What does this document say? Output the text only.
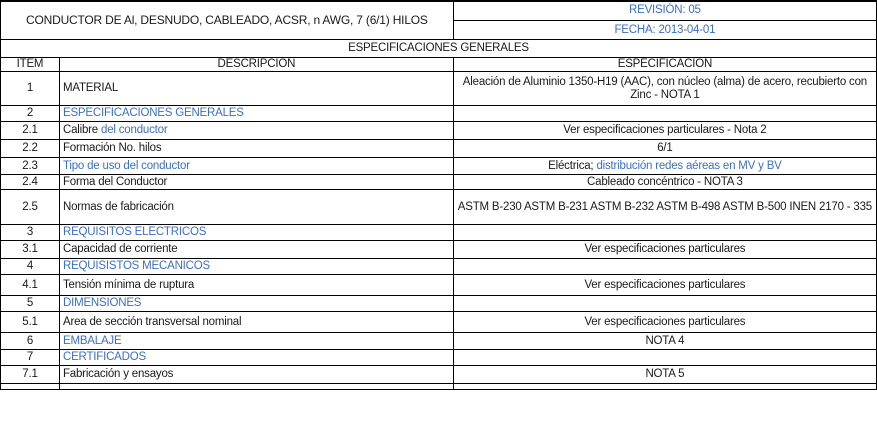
CONDUCTOR DE Al, DESNUDO, CABLEADO, ACSR, n AWG, 7 (6/1) HILOS		REVISIÓN: 05
		FECHA: 2013-04-01
ESPECIFICACIONES GENERALES		
ITEM	DESCRIPCIÓN	ESPECIFICACIÓN
1	MATERIAL	Aleación de Aluminio 1350-H19 (AAC), con núcleo (alma) de acero, recubierto con Zinc - NOTA 1
2	ESPECIFICACIONES GENERALES	
2.1	Calibre del conductor	Ver especificaciones particulares - Nota 2
2.2	Formación No. hilos	6/1
2.3	Tipo de uso del conductor	Eléctrica; distribución redes aéreas en MV y BV
2.4	Forma del Conductor	Cableado concéntrico - NOTA 3
2.5	Normas de fabricación	ASTM B-230 ASTM B-231 ASTM B-232 ASTM B-498 ASTM B-500 INEN 2170 - 335
3	REQUISITOS ELECTRICOS	
3.1	Capacidad de corriente	Ver especificaciones particulares
4	REQUISISTOS MECANICOS	
4.1	Tensión mínima de ruptura	Ver especificaciones particulares
5	DIMENSIONES	
5.1	Area de sección transversal nominal	Ver especificaciones particulares
6	EMBALAJE	NOTA 4
7	CERTIFICADOS	
7.1	Fabricación y ensayos	NOTA 5
